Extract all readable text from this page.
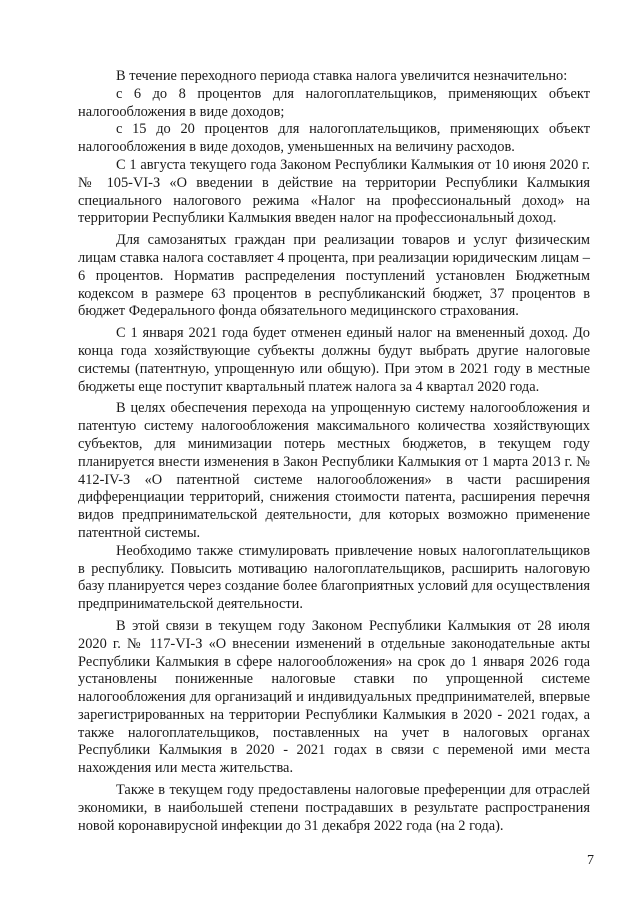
В течение переходного периода ставка налога увеличится незначительно:

с 6 до 8 процентов для налогоплательщиков, применяющих объект налогообложения в виде доходов;

с 15 до 20 процентов для налогоплательщиков, применяющих объект налогообложения в виде доходов, уменьшенных на величину расходов.

С 1 августа текущего года Законом Республики Калмыкия от 10 июня 2020 г. № 105-VI-З «О введении в действие на территории Республики Калмыкия специального налогового режима «Налог на профессиональный доход» на территории Республики Калмыкия введен налог на профессиональный доход.

Для самозанятых граждан при реализации товаров и услуг физическим лицам ставка налога составляет 4 процента, при реализации юридическим лицам – 6 процентов. Норматив распределения поступлений установлен Бюджетным кодексом в размере 63 процентов в республиканский бюджет, 37 процентов в бюджет Федерального фонда обязательного медицинского страхования.

С 1 января 2021 года будет отменен единый налог на вмененный доход. До конца года хозяйствующие субъекты должны будут выбрать другие налоговые системы (патентную, упрощенную или общую). При этом в 2021 году в местные бюджеты еще поступит квартальный платеж налога за 4 квартал 2020 года.

В целях обеспечения перехода на упрощенную систему налогообложения и патентую систему налогообложения максимального количества хозяйствующих субъектов, для минимизации потерь местных бюджетов, в текущем году планируется внести изменения в Закон Республики Калмыкия от 1 марта 2013 г. № 412-IV-З «О патентной системе налогообложения» в части расширения дифференциации территорий, снижения стоимости патента, расширения перечня видов предпринимательской деятельности, для которых возможно применение патентной системы.

Необходимо также стимулировать привлечение новых налогоплательщиков в республику. Повысить мотивацию налогоплательщиков, расширить налоговую базу планируется через создание более благоприятных условий для осуществления предпринимательской деятельности.

В этой связи в текущем году Законом Республики Калмыкия от 28 июля 2020 г. № 117-VI-З «О внесении изменений в отдельные законодательные акты Республики Калмыкия в сфере налогообложения» на срок до 1 января 2026 года установлены пониженные налоговые ставки по упрощенной системе налогообложения для организаций и индивидуальных предпринимателей, впервые зарегистрированных на территории Республики Калмыкия в 2020 - 2021 годах, а также налогоплательщиков, поставленных на учет в налоговых органах Республики Калмыкия в 2020 - 2021 годах в связи с переменой ими места нахождения или места жительства.

Также в текущем году предоставлены налоговые преференции для отраслей экономики, в наибольшей степени пострадавших в результате распространения новой коронавирусной инфекции до 31 декабря 2022 года (на 2 года).

7
